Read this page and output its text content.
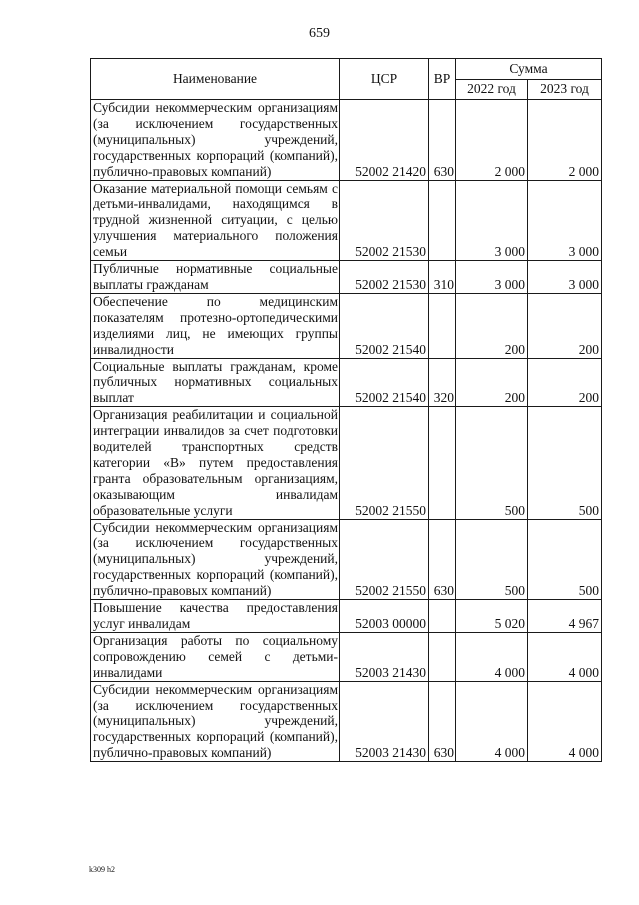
659
Наименование	ЦСР	ВР	Сумма	
			2022 год	2023 год
Субсидии некоммерческим организациям (за исключением государственных (муниципальных) учреждений, государственных корпораций (компаний), публично-правовых компаний)	52002 21420	630	2 000	2 000
Оказание материальной помощи семьям с детьми-инвалидами, находящимся в трудной жизненной ситуации, с целью улучшения материального положения семьи	52002 21530		3 000	3 000
Публичные нормативные социальные выплаты гражданам	52002 21530	310	3 000	3 000
Обеспечение по медицинским показателям протезно-ортопедическими изделиями лиц, не имеющих группы инвалидности	52002 21540		200	200
Социальные выплаты гражданам, кроме публичных нормативных социальных выплат	52002 21540	320	200	200
Организация реабилитации и социальной интеграции инвалидов за счет подготовки водителей транспортных средств категории «В» путем предоставления гранта образовательным организациям, оказывающим инвалидам образовательные услуги	52002 21550		500	500
Субсидии некоммерческим организациям (за исключением государственных (муниципальных) учреждений, государственных корпораций (компаний), публично-правовых компаний)	52002 21550	630	500	500
Повышение качества предоставления услуг инвалидам	52003 00000		5 020	4 967
Организация работы по социальному сопровождению семей с детьми-инвалидами	52003 21430		4 000	4 000
Субсидии некоммерческим организациям (за исключением государственных (муниципальных) учреждений, государственных корпораций (компаний), публично-правовых компаний)	52003 21430	630	4 000	4 000
k309 h2
